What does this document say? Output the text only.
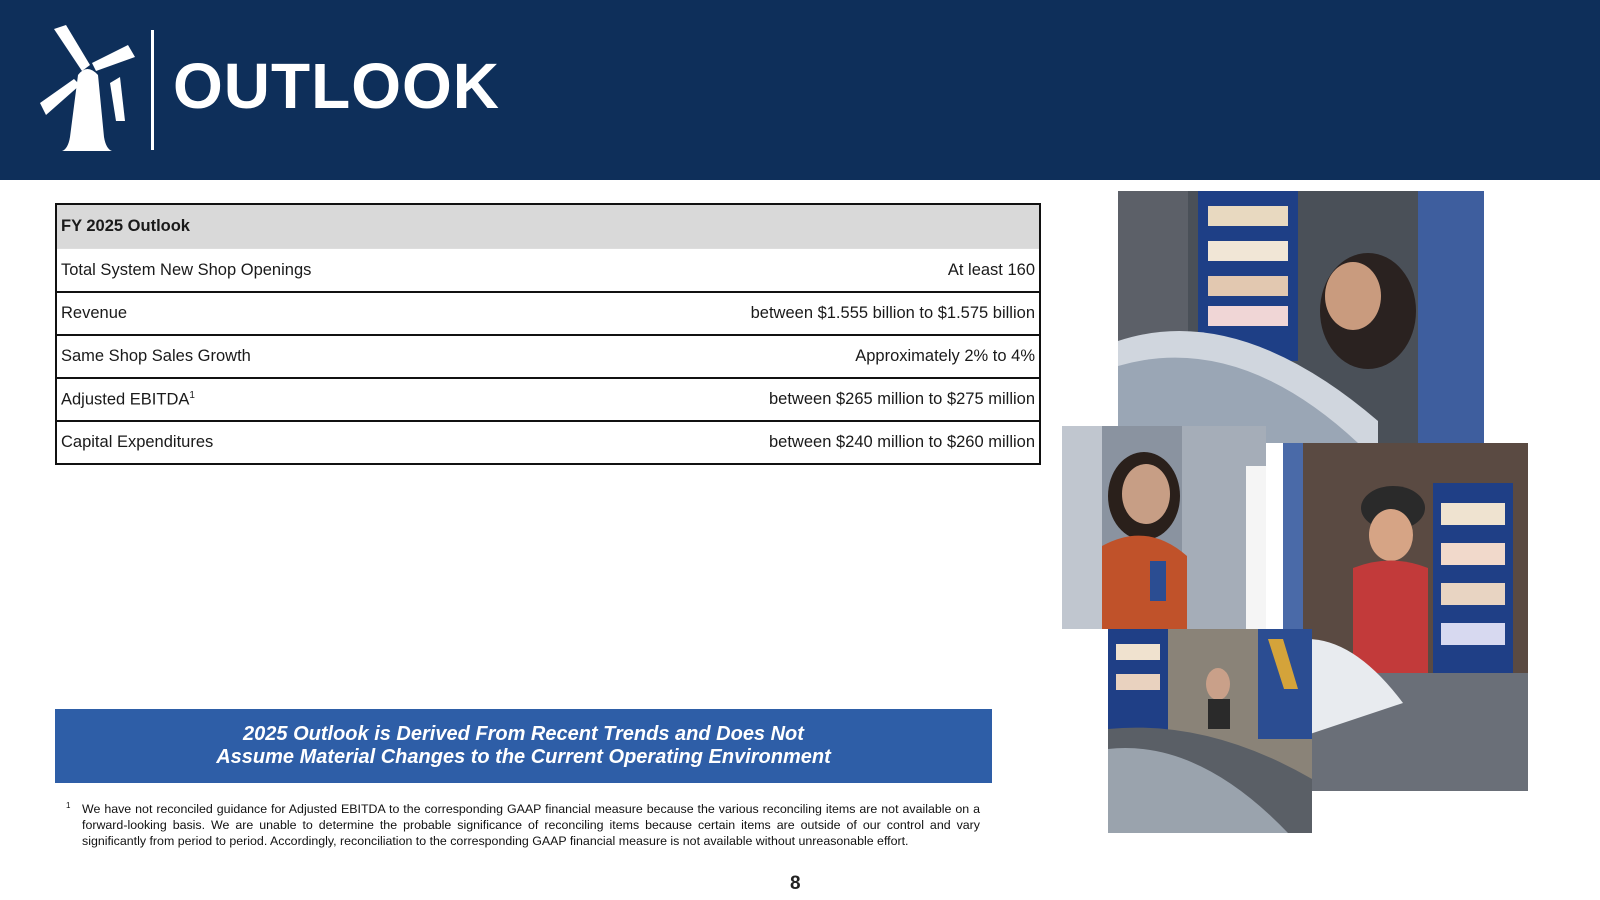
OUTLOOK
FY 2025 Outlook
Total System New Shop Openings	At least 160
Revenue	between $1.555 billion to $1.575 billion
Same Shop Sales Growth	Approximately 2% to 4%
Adjusted EBITDA$^1$	between $265 million to $275 million
Capital Expenditures	between $240 million to $260 million
2025 Outlook is Derived From Recent Trends and Does Not
Assume Material Changes to the Current Operating Environment
1 We have not reconciled guidance for Adjusted EBITDA to the corresponding GAAP financial measure because the various reconciling items are not available on a forward-looking basis. We are unable to determine the probable significance of reconciling items because certain items are outside of our control and vary significantly from period to period. Accordingly, reconciliation to the corresponding GAAP financial measure is not available without unreasonable effort.
8
